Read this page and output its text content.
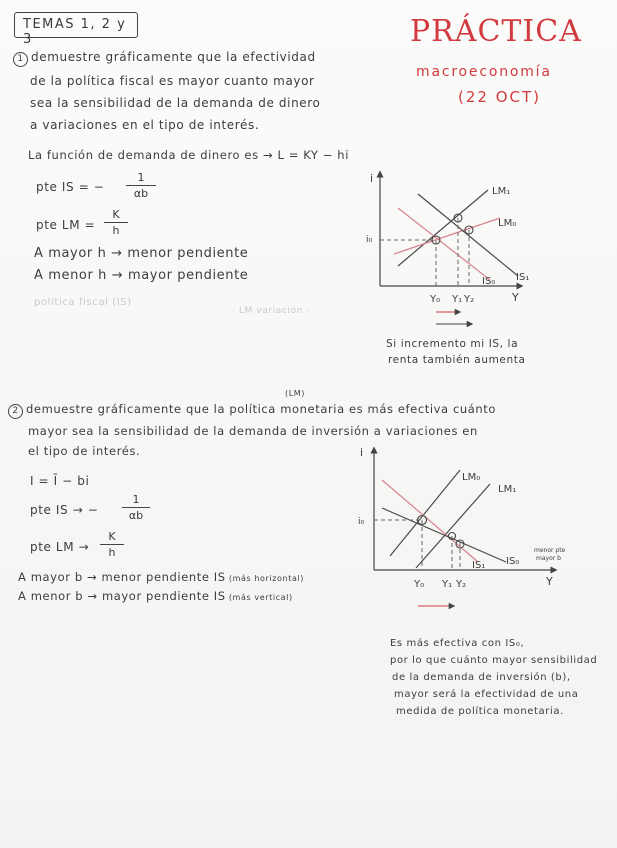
TEMAS 1, 2 y 3	PRÁCTICA
macroeconomía
(22 OCT)
1 demuestre gráficamente que la efectividad
de la política fiscal es mayor cuanto mayor
sea la sensibilidad de la demanda de dinero
a variaciones en el tipo de interés.
La función de demanda de dinero es → L = KY − hi
pte IS = −
1
αb
pte LM =
K
h
A mayor h → menor pendiente
A menor h → mayor pendiente
política fiscal (IS)
· LM variación ·
i
Y
i₀
LM₁
LM₀
IS₀ IS₁
Y₀ Y₁ Y₂
Si incremento mi IS, la
renta también aumenta
(LM)
2 demuestre gráficamente que la política monetaria es más efectiva cuánto
mayor sea la sensibilidad de la demanda de inversión a variaciones en
el tipo de interés.
I = Ī − bi
pte IS → −
1
αb
pte LM →
K
h
A mayor b → menor pendiente IS (más horizontal)
A menor b → mayor pendiente IS (más vertical)
i
Y
i₀
LM₀
LM₁
IS₁ IS₀
menor pte
mayor b
Y₀ Y₁ Y₂
Es más efectiva con IS₀,
por lo que cuánto mayor sensibilidad
de la demanda de inversión (b),
mayor será la efectividad de una
medida de política monetaria.
